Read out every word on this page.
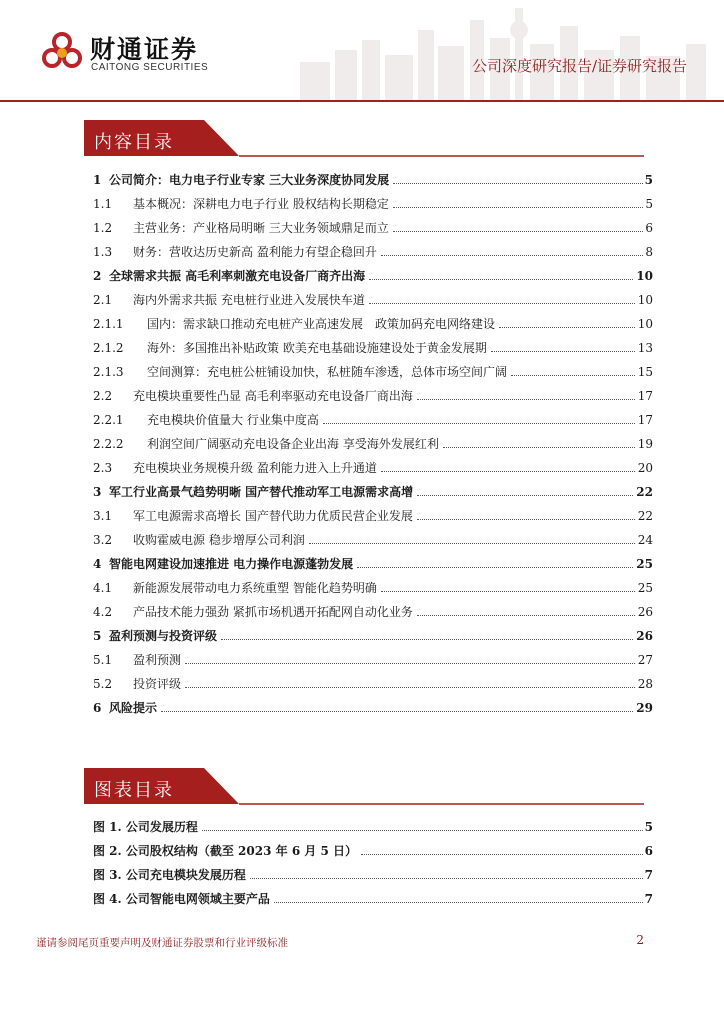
财通证券
CAITONG SECURITIES	公司深度研究报告/证券研究报告
内容目录
1 公司简介：电力电子行业专家 三大业务深度协同发展	5
1.1 基本概况：深耕电力电子行业 股权结构长期稳定	5
1.2 主营业务：产业格局明晰 三大业务领域鼎足而立	6
1.3 财务：营收达历史新高 盈利能力有望企稳回升	8
2 全球需求共振 高毛利率刺激充电设备厂商齐出海	10
2.1 海内外需求共振 充电桩行业进入发展快车道	10
2.1.1 国内：需求缺口推动充电桩产业高速发展　政策加码充电网络建设	10
2.1.2 海外：多国推出补贴政策 欧美充电基础设施建设处于黄金发展期	13
2.1.3 空间测算：充电桩公桩铺设加快，私桩随车渗透，总体市场空间广阔	15
2.2 充电模块重要性凸显 高毛利率驱动充电设备厂商出海	17
2.2.1 充电模块价值量大 行业集中度高	17
2.2.2 利润空间广阔驱动充电设备企业出海 享受海外发展红利	19
2.3 充电模块业务规模升级 盈利能力进入上升通道	20
3 军工行业高景气趋势明晰 国产替代推动军工电源需求高增	22
3.1 军工电源需求高增长 国产替代助力优质民营企业发展	22
3.2 收购霍威电源 稳步增厚公司利润	24
4 智能电网建设加速推进 电力操作电源蓬勃发展	25
4.1 新能源发展带动电力系统重塑 智能化趋势明确	25
4.2 产品技术能力强劲 紧抓市场机遇开拓配网自动化业务	26
5 盈利预测与投资评级	26
5.1 盈利预测	27
5.2 投资评级	28
6 风险提示	29
图表目录
图 1. 公司发展历程	5
图 2. 公司股权结构（截至 2023 年 6 月 5 日）	6
图 3. 公司充电模块发展历程	7
图 4. 公司智能电网领域主要产品	7
谨请参阅尾页重要声明及财通证券股票和行业评级标准	2
